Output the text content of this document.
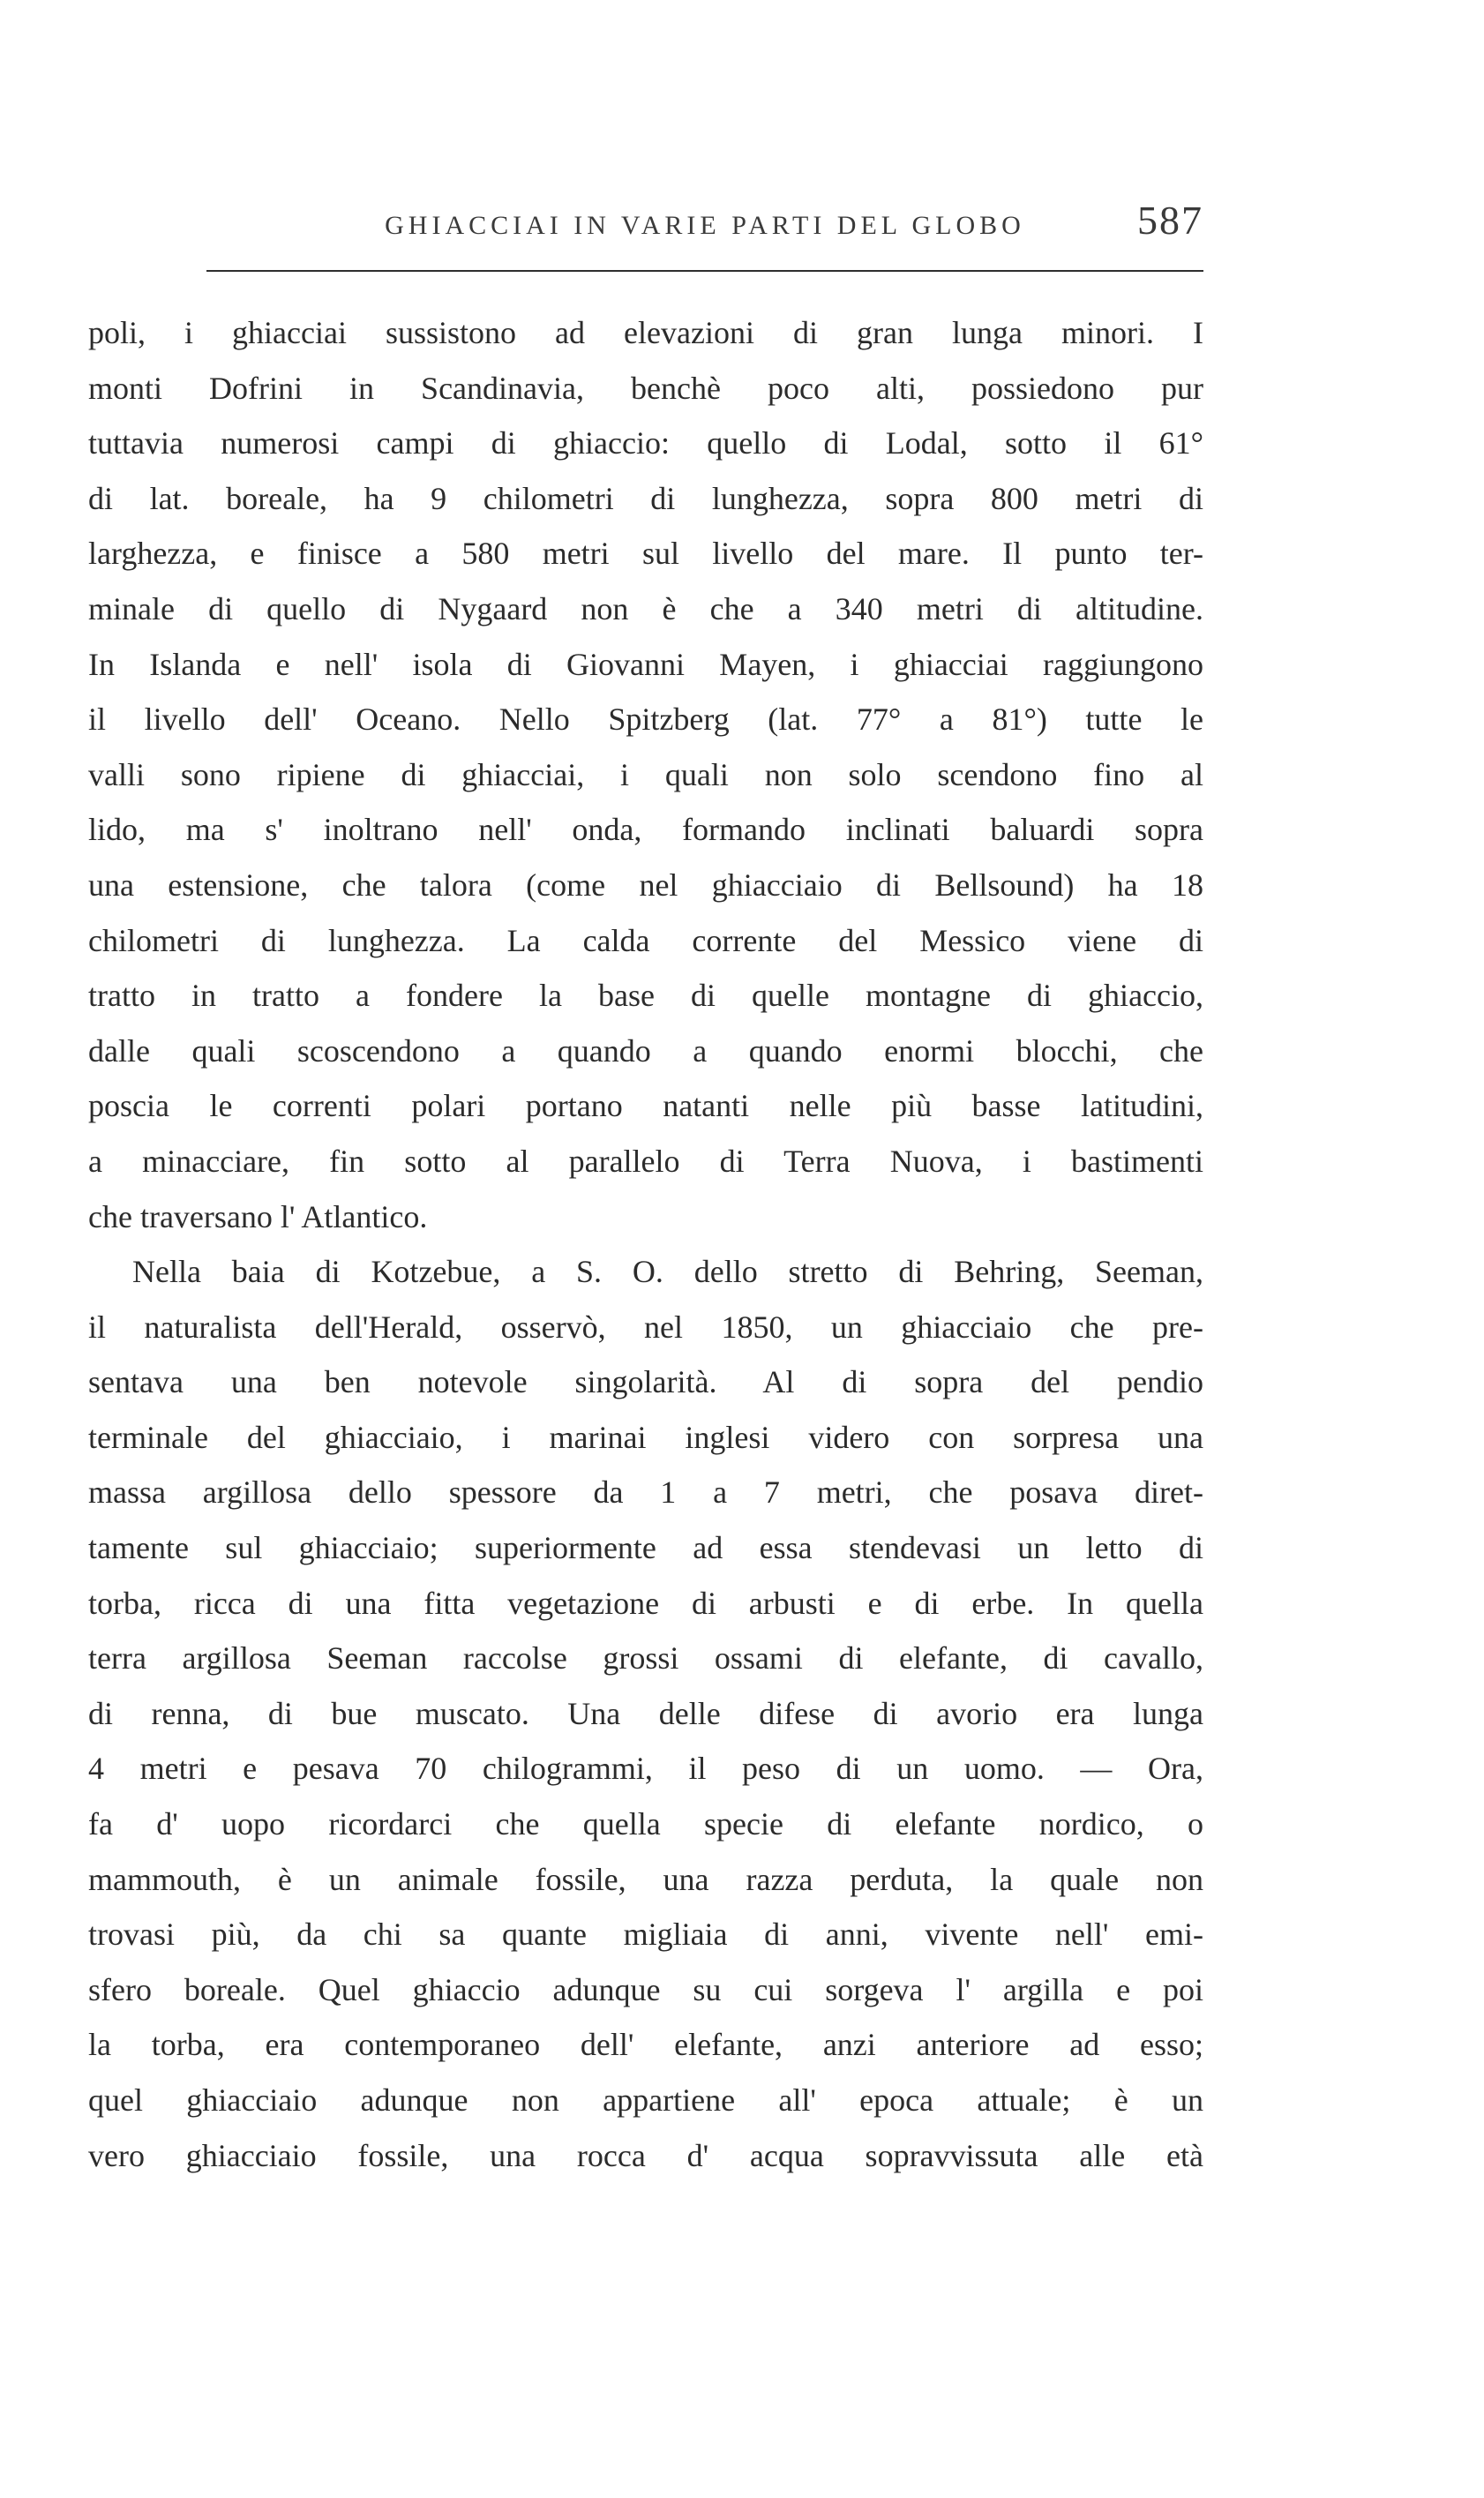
GHIACCIAI IN VARIE PARTI DEL GLOBO	587
poli, i ghiacciai sussistono ad elevazioni di gran lunga minori. I
monti Dofrini in Scandinavia, benchè poco alti, possiedono pur
tuttavia numerosi campi di ghiaccio: quello di Lodal, sotto il 61°
di lat. boreale, ha 9 chilometri di lunghezza, sopra 800 metri di
larghezza, e finisce a 580 metri sul livello del mare. Il punto ter-
minale di quello di Nygaard non è che a 340 metri di altitudine.
In Islanda e nell' isola di Giovanni Mayen, i ghiacciai raggiungono
il livello dell' Oceano. Nello Spitzberg (lat. 77° a 81°) tutte le
valli sono ripiene di ghiacciai, i quali non solo scendono fino al
lido, ma s' inoltrano nell' onda, formando inclinati baluardi sopra
una estensione, che talora (come nel ghiacciaio di Bellsound) ha 18
chilometri di lunghezza. La calda corrente del Messico viene di
tratto in tratto a fondere la base di quelle montagne di ghiaccio,
dalle quali scoscendono a quando a quando enormi blocchi, che
poscia le correnti polari portano natanti nelle più basse latitudini,
a minacciare, fin sotto al parallelo di Terra Nuova, i bastimenti
che traversano l' Atlantico.
Nella baia di Kotzebue, a S. O. dello stretto di Behring, Seeman,
il naturalista dell'Herald, osservò, nel 1850, un ghiacciaio che pre-
sentava una ben notevole singolarità. Al di sopra del pendio
terminale del ghiacciaio, i marinai inglesi videro con sorpresa una
massa argillosa dello spessore da 1 a 7 metri, che posava diret-
tamente sul ghiacciaio; superiormente ad essa stendevasi un letto di
torba, ricca di una fitta vegetazione di arbusti e di erbe. In quella
terra argillosa Seeman raccolse grossi ossami di elefante, di cavallo,
di renna, di bue muscato. Una delle difese di avorio era lunga
4 metri e pesava 70 chilogrammi, il peso di un uomo. — Ora,
fa d' uopo ricordarci che quella specie di elefante nordico, o
mammouth, è un animale fossile, una razza perduta, la quale non
trovasi più, da chi sa quante migliaia di anni, vivente nell' emi-
sfero boreale. Quel ghiaccio adunque su cui sorgeva l' argilla e poi
la torba, era contemporaneo dell' elefante, anzi anteriore ad esso;
quel ghiacciaio adunque non appartiene all' epoca attuale; è un
vero ghiacciaio fossile, una rocca d' acqua sopravvissuta alle età
